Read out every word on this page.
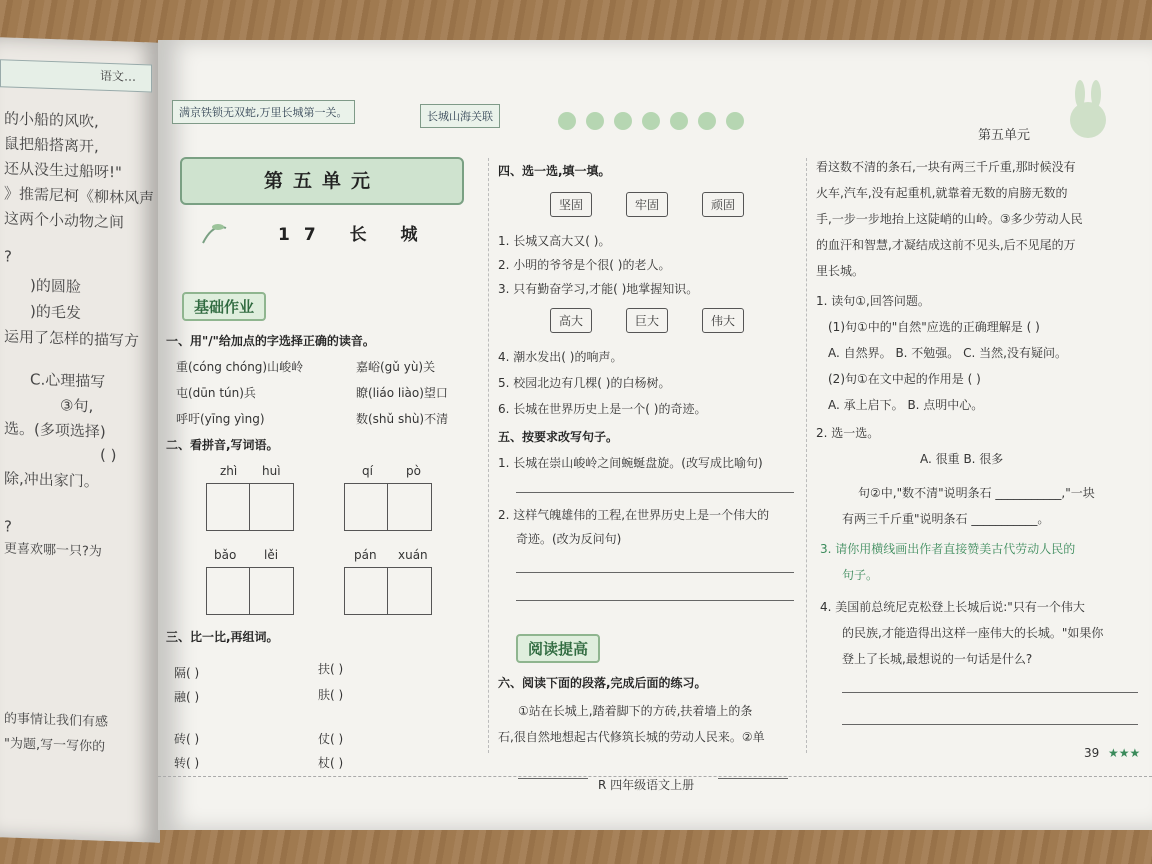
语文…
的小船的风吹,
鼠把船搭离开,
还从没生过船呀!"
》推需尼柯《柳林风声
这两个小动物之间
?
)的圆脸
)的毛发
运用了怎样的描写方
C.心理描写
③句,
选。(多项选择)
( )
除,冲出家门。
?
更喜欢哪一只?为
的事情让我们有感
"为题,写一写你的
满京铁锁无双蛇,万里长城第一关。	长城山海关联
第五单元
第五单元
17 长 城
基础作业
一、用"/"给加点的字选择正确的读音。
重(cóng chóng)山峻岭	嘉峪(gǔ yù)关
屯(dūn tún)兵	瞭(liáo liào)望口
呼吁(yīng yìng)	数(shǔ shù)不清
二、看拼音,写词语。
zhì huì	qí	pò
bǎo lěi	pán xuán
三、比一比,再组词。
隔( )	扶( )
融( )	肤( )
砖( )	仗( )
转( )	杖( )
四、选一选,填一填。
坚固	牢固	顽固
1. 长城又高大又( )。
2. 小明的爷爷是个很( )的老人。
3. 只有勤奋学习,才能( )地掌握知识。
高大	巨大	伟大
4. 潮水发出( )的响声。
5. 校园北边有几棵( )的白杨树。
6. 长城在世界历史上是一个( )的奇迹。
五、按要求改写句子。
1. 长城在崇山峻岭之间蜿蜒盘旋。(改写成比喻句)
2. 这样气魄雄伟的工程,在世界历史上是一个伟大的
奇迹。(改为反问句)
阅读提高
六、阅读下面的段落,完成后面的练习。
①站在长城上,踏着脚下的方砖,扶着墙上的条
石,很自然地想起古代修筑长城的劳动人民来。②单
看这数不清的条石,一块有两三千斤重,那时候没有
火车,汽车,没有起重机,就靠着无数的肩膀无数的
手,一步一步地抬上这陡峭的山岭。③多少劳动人民
的血汗和智慧,才凝结成这前不见头,后不见尾的万
里长城。
1. 读句①,回答问题。
(1)句①中的"自然"应选的正确理解是 ( )
A. 自然界。 B. 不勉强。 C. 当然,没有疑问。
(2)句①在文中起的作用是 ( )
A. 承上启下。 B. 点明中心。
2. 选一选。
A. 很重 B. 很多
句②中,"数不清"说明条石 ___________,"一块
有两三千斤重"说明条石 ___________。
3. 请你用横线画出作者直接赞美古代劳动人民的
句子。
4. 美国前总统尼克松登上长城后说:"只有一个伟大
的民族,才能造得出这样一座伟大的长城。"如果你
登上了长城,最想说的一句话是什么?
R 四年级语文上册
39 ★★★
